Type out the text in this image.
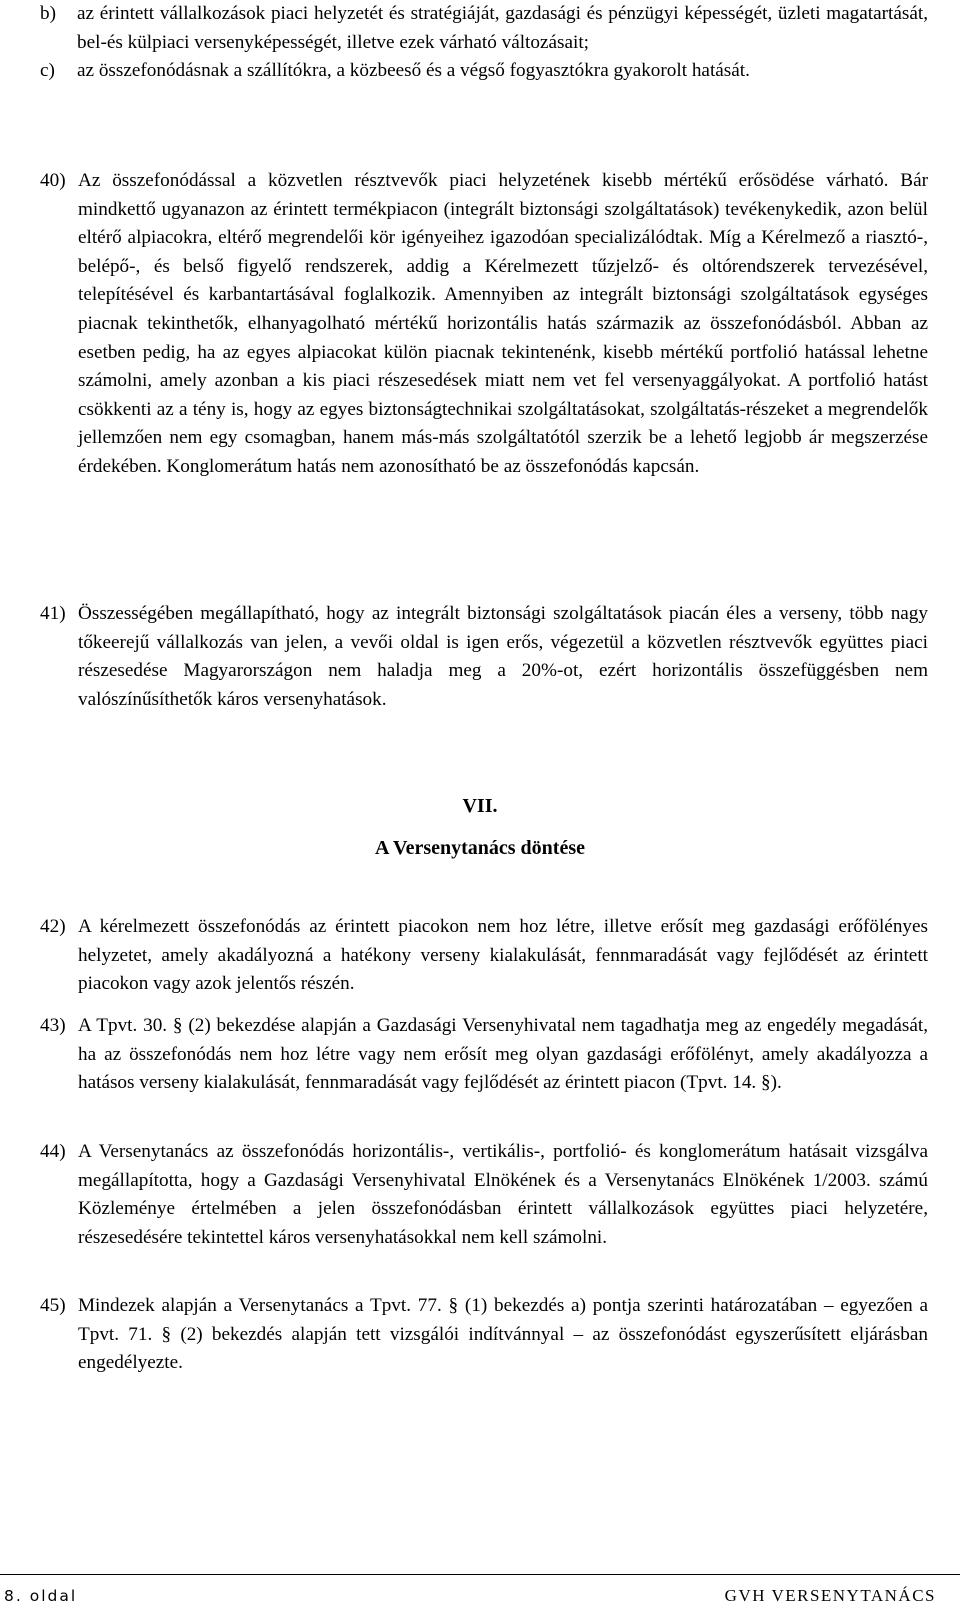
b)	az érintett vállalkozások piaci helyzetét és stratégiáját, gazdasági és pénzügyi képességét, üzleti magatartását, bel-és külpiaci versenyképességét, illetve ezek várható változásait;
c)	az összefonódásnak a szállítókra, a közbeeső és a végső fogyasztókra gyakorolt hatását.
40) Az összefonódással a közvetlen résztvevők piaci helyzetének kisebb mértékű erősödése várható. Bár mindkettő ugyanazon az érintett termékpiacon (integrált biztonsági szolgáltatások) tevékenykedik, azon belül eltérő alpiacokra, eltérő megrendelői kör igényeihez igazodóan specializálódtak. Míg a Kérelmező a riasztó-, belépő-, és belső figyelő rendszerek, addig a Kérelmezett tűzjelző- és oltórendszerek tervezésével, telepítésével és karbantartásával foglalkozik. Amennyiben az integrált biztonsági szolgáltatások egységes piacnak tekinthetők, elhanyagolható mértékű horizontális hatás származik az összefonódásból. Abban az esetben pedig, ha az egyes alpiacokat külön piacnak tekintenénk, kisebb mértékű portfolió hatással lehetne számolni, amely azonban a kis piaci részesedések miatt nem vet fel versenyaggályokat. A portfolió hatást csökkenti az a tény is, hogy az egyes biztonságtechnikai szolgáltatásokat, szolgáltatás-részeket a megrendelők jellemzően nem egy csomagban, hanem más-más szolgáltatótól szerzik be a lehető legjobb ár megszerzése érdekében. Konglomerátum hatás nem azonosítható be az összefonódás kapcsán.
41) Összességében megállapítható, hogy az integrált biztonsági szolgáltatások piacán éles a verseny, több nagy tőkeerejű vállalkozás van jelen, a vevői oldal is igen erős, végezetül a közvetlen résztvevők együttes piaci részesedése Magyarországon nem haladja meg a 20%-ot, ezért horizontális összefüggésben nem valószínűsíthetők káros versenyhatások.
VII.
A Versenytanács döntése
42) A kérelmezett összefonódás az érintett piacokon nem hoz létre, illetve erősít meg gazdasági erőfölényes helyzetet, amely akadályozná a hatékony verseny kialakulását, fennmaradását vagy fejlődését az érintett piacokon vagy azok jelentős részén.
43) A Tpvt. 30. § (2) bekezdése alapján a Gazdasági Versenyhivatal nem tagadhatja meg az engedély megadását, ha az összefonódás nem hoz létre vagy nem erősít meg olyan gazdasági erőfölényt, amely akadályozza a hatásos verseny kialakulását, fennmaradását vagy fejlődését az érintett piacon (Tpvt. 14. §).
44) A Versenytanács az összefonódás horizontális-, vertikális-, portfolió- és konglomerátum hatásait vizsgálva megállapította, hogy a Gazdasági Versenyhivatal Elnökének és a Versenytanács Elnökének 1/2003. számú Közleménye értelmében a jelen összefonódásban érintett vállalkozások együttes piaci helyzetére, részesedésére tekintettel káros versenyhatásokkal nem kell számolni.
45) Mindezek alapján a Versenytanács a Tpvt. 77. § (1) bekezdés a) pontja szerinti határozatában – egyezően a Tpvt. 71. § (2) bekezdés alapján tett vizsgálói indítvánnyal – az összefonódást egyszerűsített eljárásban engedélyezte.
8. oldal	GVH VERSENYTANÁCS
